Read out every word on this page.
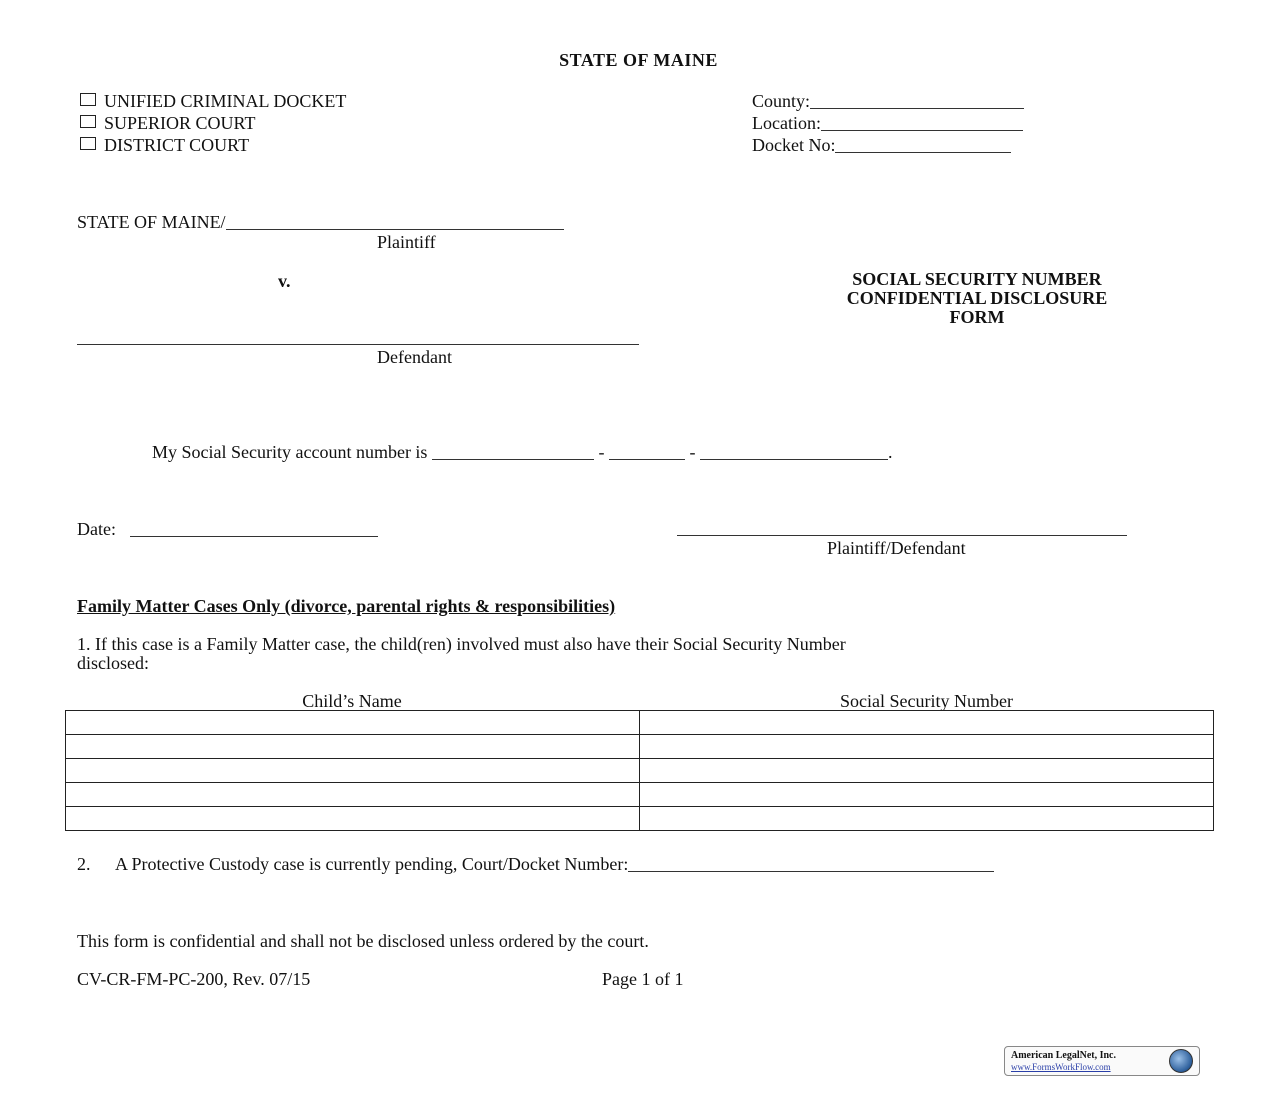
STATE OF MAINE
UNIFIED CRIMINAL DOCKET
SUPERIOR COURT
DISTRICT COURT
County:
Location:
Docket No:
STATE OF MAINE/
Plaintiff
v.
Defendant
SOCIAL SECURITY NUMBER
CONFIDENTIAL DISCLOSURE
FORM
My Social Security account number is	-	-	.
Date:
Plaintiff/Defendant
Family Matter Cases Only (divorce, parental rights & responsibilities)
1. If this case is a Family Matter case, the child(ren) involved must also have their Social Security Number
disclosed:
Child’s Name	Social Security Number

2. A Protective Custody case is currently pending, Court/Docket Number:
This form is confidential and shall not be disclosed unless ordered by the court.
CV-CR-FM-PC-200, Rev. 07/15	Page 1 of 1
American LegalNet, Inc.
www.FormsWorkFlow.com
